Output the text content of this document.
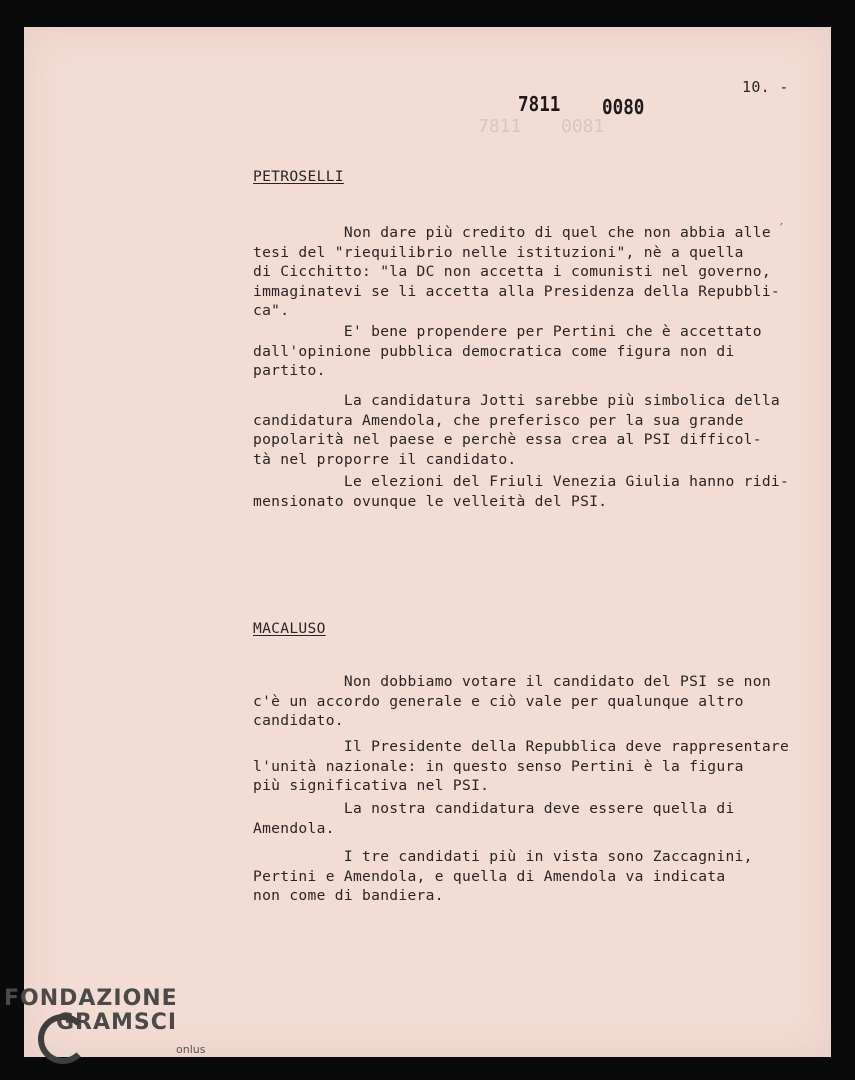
7811 0081
10. -
7811 0080
PETROSELLI

Non dare più credito di quel che non abbia alle
tesi del "riequilibrio nelle istituzioni", nè a quella
di Cicchitto: "la DC non accetta i comunisti nel governo,
immaginatevi se li accetta alla Presidenza della Repubbli-
ca".

′

E' bene propendere per Pertini che è accettato
dall'opinione pubblica democratica come figura non di
partito.

La candidatura Jotti sarebbe più simbolica della
candidatura Amendola, che preferisco per la sua grande
popolarità nel paese e perchè essa crea al PSI difficol-
tà nel proporre il candidato.

Le elezioni del Friuli Venezia Giulia hanno ridi-
mensionato ovunque le velleità del PSI.

MACALUSO

Non dobbiamo votare il candidato del PSI se non
c'è un accordo generale e ciò vale per qualunque altro
candidato.

Il Presidente della Repubblica deve rappresentare
l'unità nazionale: in questo senso Pertini è la figura
più significativa nel PSI.

La nostra candidatura deve essere quella di
Amendola.

I tre candidati più in vista sono Zaccagnini,
Pertini e Amendola, e quella di Amendola va indicata
non come di bandiera.

FONDAZIONE
GRAMSCI
onlus
